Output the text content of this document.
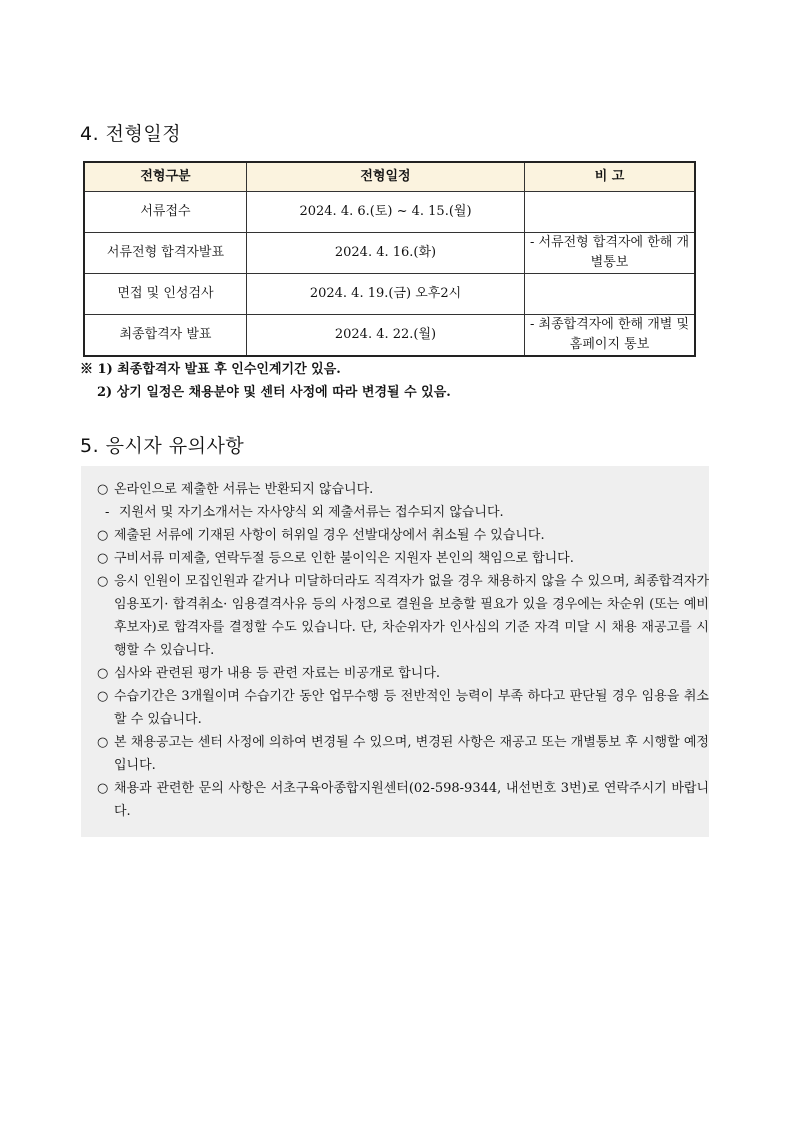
4. 전형일정
전형구분	전형일정	비 고
서류접수	2024. 4. 6.(토) ~ 4. 15.(월)	
서류전형 합격자발표	2024. 4. 16.(화)	- 서류전형 합격자에 한해 개별통보
면접 및 인성검사	2024. 4. 19.(금) 오후2시	
최종합격자 발표	2024. 4. 22.(월)	- 최종합격자에 한해 개별 및 홈페이지 통보
※ 1) 최종합격자 발표 후 인수인계기간 있음.
2) 상기 일정은 채용분야 및 센터 사정에 따라 변경될 수 있음.
5. 응시자 유의사항
○ 온라인으로 제출한 서류는 반환되지 않습니다.
- 지원서 및 자기소개서는 자사양식 외 제출서류는 접수되지 않습니다.
○ 제출된 서류에 기재된 사항이 허위일 경우 선발대상에서 취소될 수 있습니다.
○ 구비서류 미제출, 연락두절 등으로 인한 불이익은 지원자 본인의 책임으로 합니다.
○ 응시 인원이 모집인원과 같거나 미달하더라도 직격자가 없을 경우 채용하지 않을 수 있으며, 최종합격자가 임용포기· 합격취소· 임용결격사유 등의 사정으로 결원을 보충할 필요가 있을 경우에는 차순위 (또는 예비후보자)로 합격자를 결정할 수도 있습니다. 단, 차순위자가 인사심의 기준 자격 미달 시 채용 재공고를 시행할 수 있습니다.
○ 심사와 관련된 평가 내용 등 관련 자료는 비공개로 합니다.
○ 수습기간은 3개월이며 수습기간 동안 업무수행 등 전반적인 능력이 부족 하다고 판단될 경우 임용을 취소할 수 있습니다.
○ 본 채용공고는 센터 사정에 의하여 변경될 수 있으며, 변경된 사항은 재공고 또는 개별통보 후 시행할 예정입니다.
○ 채용과 관련한 문의 사항은 서초구육아종합지원센터(02-598-9344, 내선번호 3번)로 연락주시기 바랍니다.
